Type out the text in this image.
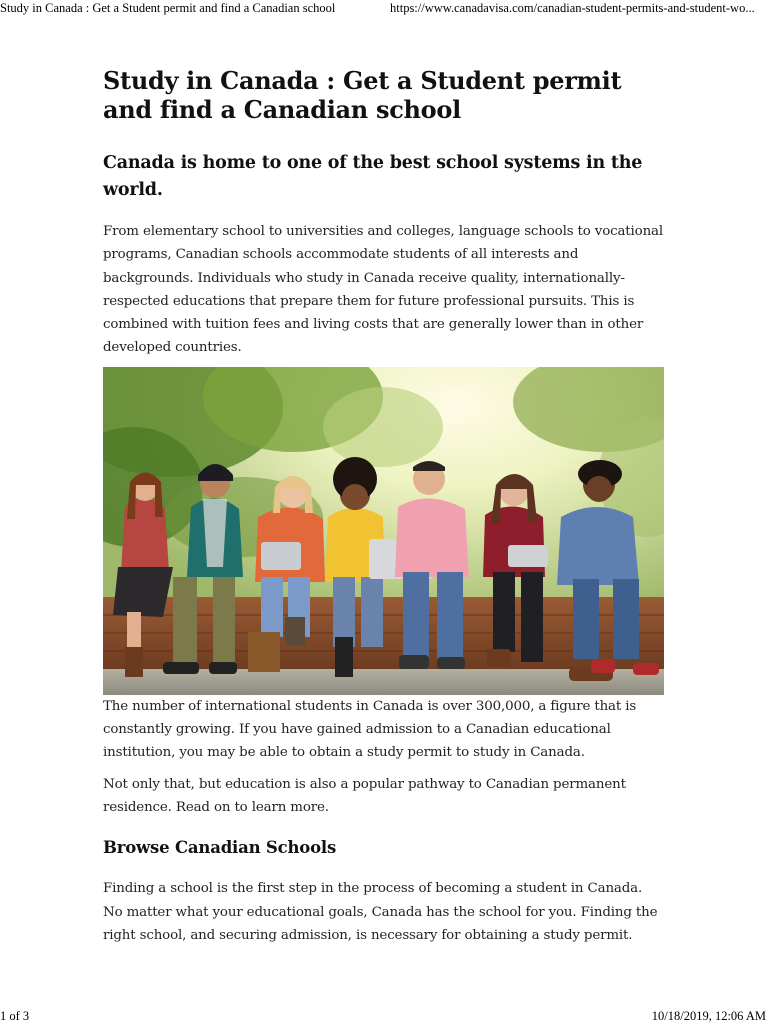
Study in Canada : Get a Student permit and find a Canadian school	https://www.canadavisa.com/canadian-student-permits-and-student-wo...
Study in Canada : Get a Student permit and find a Canadian school
Canada is home to one of the best school systems in the world.

From elementary school to universities and colleges, language schools to vocational programs, Canadian schools accommodate students of all interests and backgrounds. Individuals who study in Canada receive quality, internationally-respected educations that prepare them for future professional pursuits. This is combined with tuition fees and living costs that are generally lower than in other developed countries.

The number of international students in Canada is over 300,000, a figure that is constantly growing. If you have gained admission to a Canadian educational institution, you may be able to obtain a study permit to study in Canada.

Not only that, but education is also a popular pathway to Canadian permanent residence. Read on to learn more.

Browse Canadian Schools

Finding a school is the first step in the process of becoming a student in Canada. No matter what your educational goals, Canada has the school for you. Finding the right school, and securing admission, is necessary for obtaining a study permit.

1 of 3	10/18/2019, 12:06 AM
